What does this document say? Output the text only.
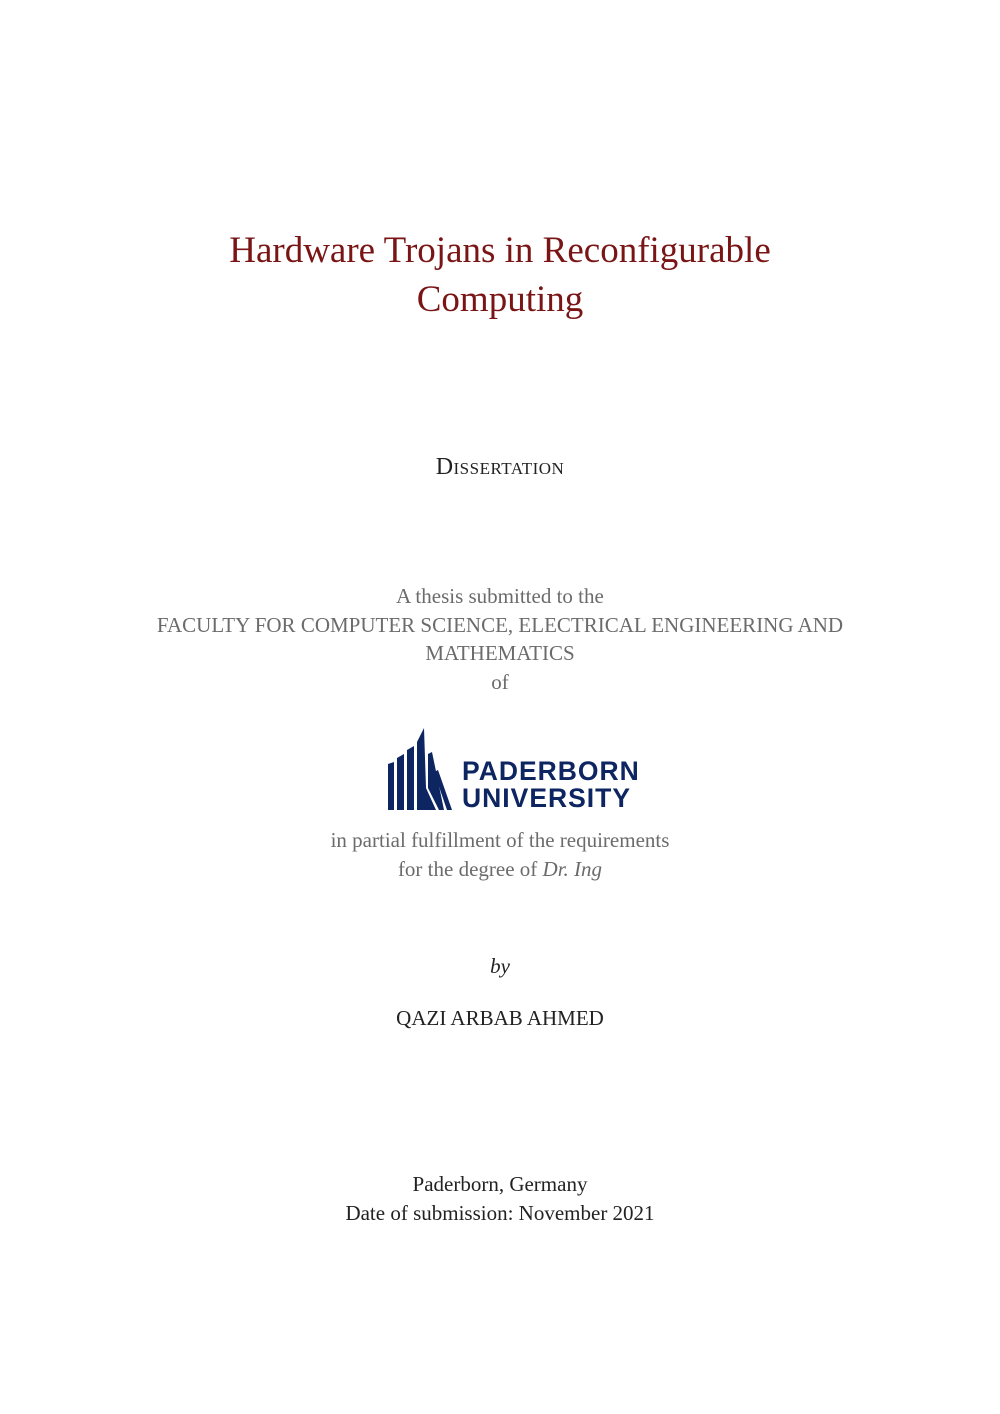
Hardware Trojans in Reconfigurable
Computing
Dissertation
A thesis submitted to the
FACULTY FOR COMPUTER SCIENCE, ELECTRICAL ENGINEERING AND
MATHEMATICS
of
PADERBORN
UNIVERSITY
in partial fulfillment of the requirements
for the degree of Dr. Ing
by
QAZI ARBAB AHMED
Paderborn, Germany
Date of submission: November 2021
